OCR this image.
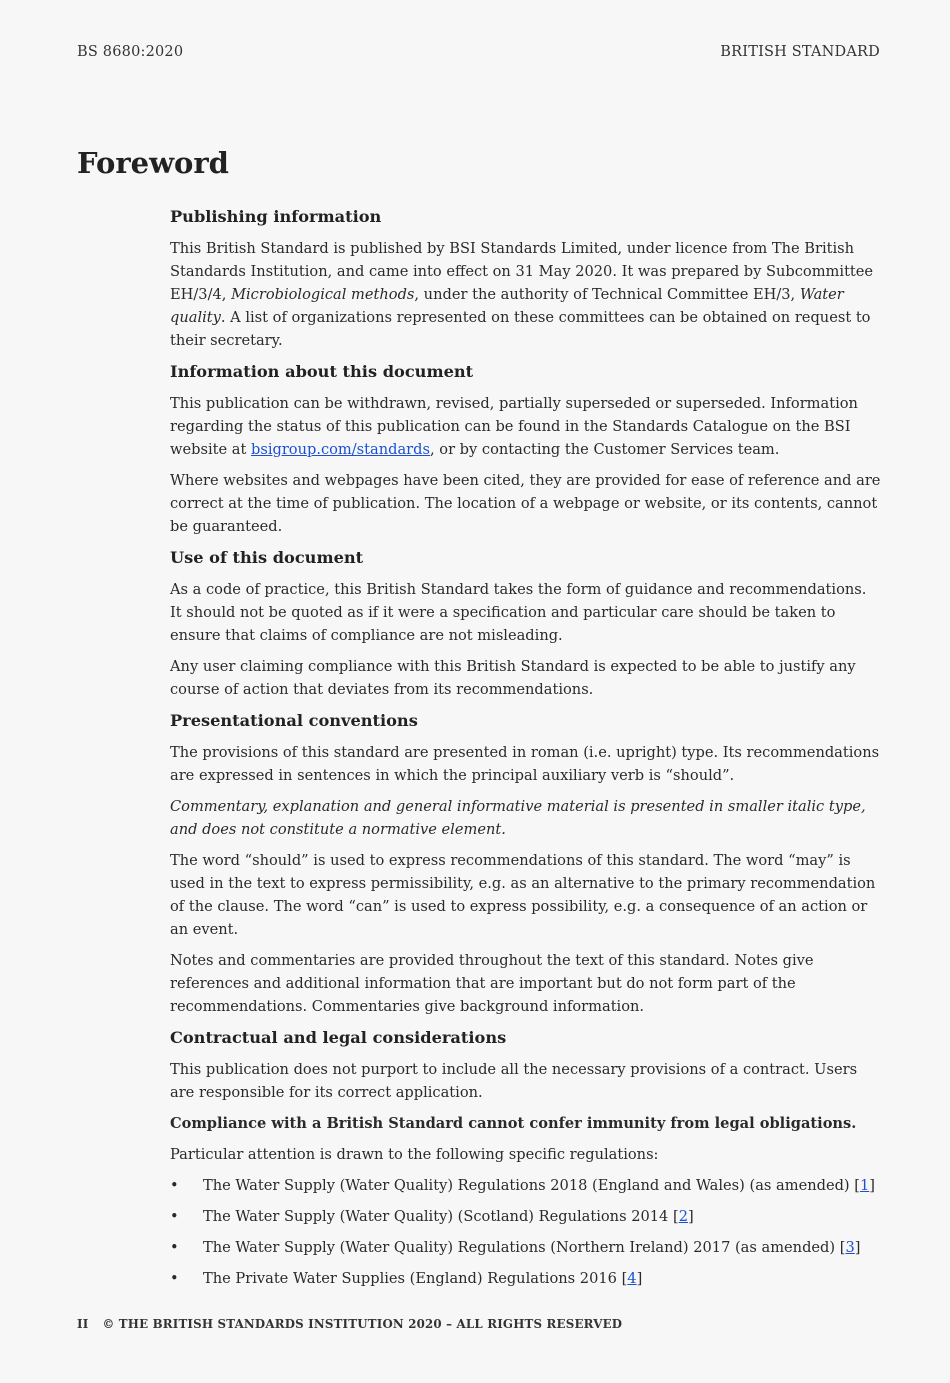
BS 8680:2020	BRITISH STANDARD
Foreword
Publishing information

This British Standard is published by BSI Standards Limited, under licence from The British Standards Institution, and came into effect on 31 May 2020. It was prepared by Subcommittee EH/3/4, Microbiological methods, under the authority of Technical Committee EH/3, Water quality. A list of organizations represented on these committees can be obtained on request to their secretary.

Information about this document

This publication can be withdrawn, revised, partially superseded or superseded. Information regarding the status of this publication can be found in the Standards Catalogue on the BSI website at bsigroup.com/standards, or by contacting the Customer Services team.

Where websites and webpages have been cited, they are provided for ease of reference and are correct at the time of publication. The location of a webpage or website, or its contents, cannot be guaranteed.

Use of this document

As a code of practice, this British Standard takes the form of guidance and recommendations. It should not be quoted as if it were a specification and particular care should be taken to ensure that claims of compliance are not misleading.

Any user claiming compliance with this British Standard is expected to be able to justify any course of action that deviates from its recommendations.

Presentational conventions

The provisions of this standard are presented in roman (i.e. upright) type. Its recommendations are expressed in sentences in which the principal auxiliary verb is “should”.

Commentary, explanation and general informative material is presented in smaller italic type, and does not constitute a normative element.

The word “should” is used to express recommendations of this standard. The word “may” is used in the text to express permissibility, e.g. as an alternative to the primary recommendation of the clause. The word “can” is used to express possibility, e.g. a consequence of an action or an event.

Notes and commentaries are provided throughout the text of this standard. Notes give references and additional information that are important but do not form part of the recommendations. Commentaries give background information.

Contractual and legal considerations

This publication does not purport to include all the necessary provisions of a contract. Users are responsible for its correct application.

Compliance with a British Standard cannot confer immunity from legal obligations.

Particular attention is drawn to the following specific regulations:

• The Water Supply (Water Quality) Regulations 2018 (England and Wales) (as amended) [1]
• The Water Supply (Water Quality) (Scotland) Regulations 2014 [2]
• The Water Supply (Water Quality) Regulations (Northern Ireland) 2017 (as amended) [3]
• The Private Water Supplies (England) Regulations 2016 [4]
II © THE BRITISH STANDARDS INSTITUTION 2020 – ALL RIGHTS RESERVED
